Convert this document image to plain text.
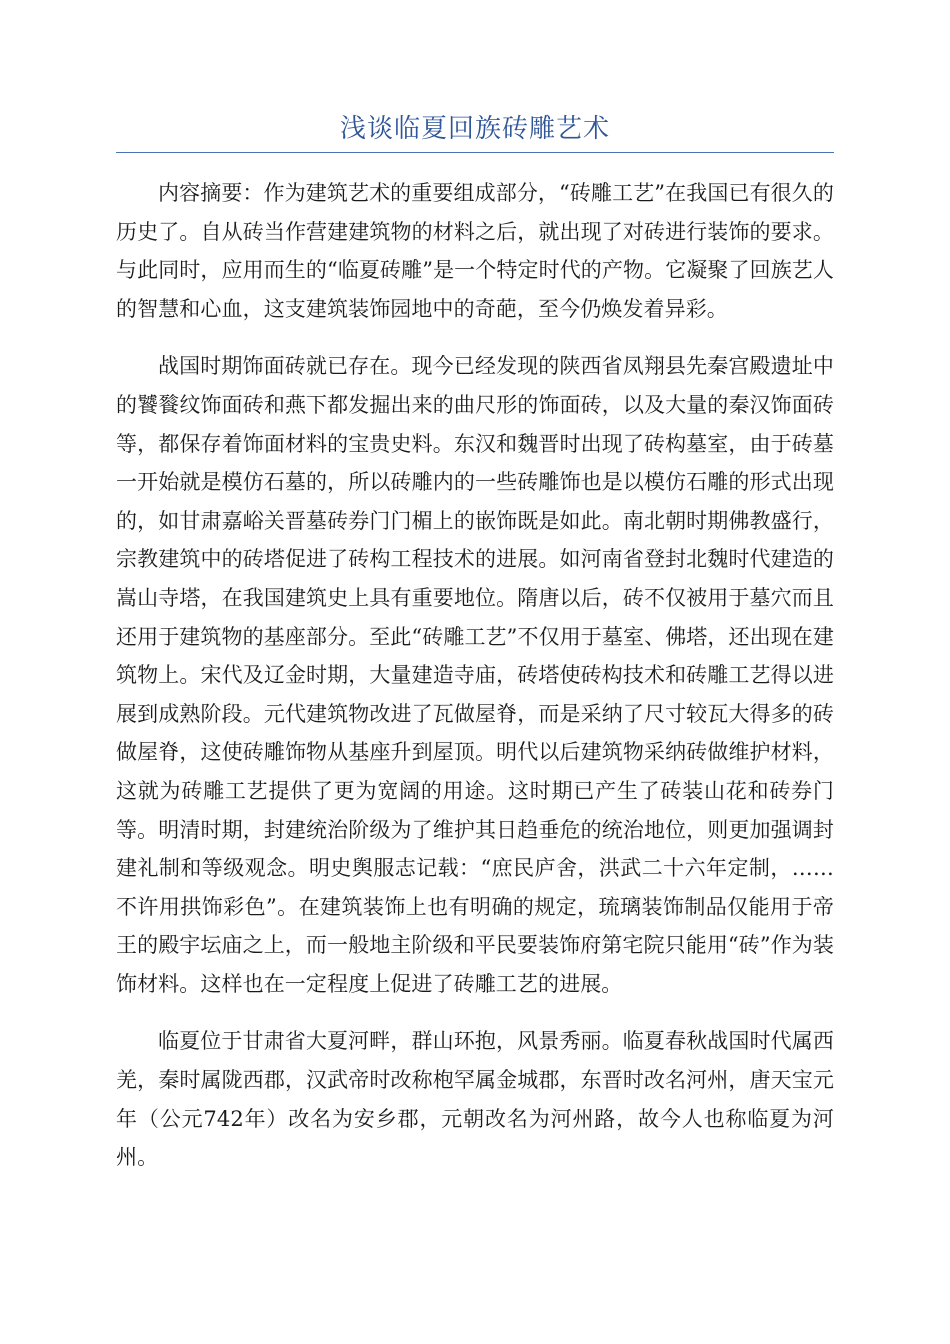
浅谈临夏回族砖雕艺术

内容摘要：作为建筑艺术的重要组成部分，“砖雕工艺”在我国已有很久的历史了。自从砖当作营建建筑物的材料之后，就出现了对砖进行装饰的要求。与此同时，应用而生的“临夏砖雕”是一个特定时代的产物。它凝聚了回族艺人的智慧和心血，这支建筑装饰园地中的奇葩，至今仍焕发着异彩。

战国时期饰面砖就已存在。现今已经发现的陕西省凤翔县先秦宫殿遗址中的饕餮纹饰面砖和燕下都发掘出来的曲尺形的饰面砖，以及大量的秦汉饰面砖等，都保存着饰面材料的宝贵史料。东汉和魏晋时出现了砖构墓室，由于砖墓一开始就是模仿石墓的，所以砖雕内的一些砖雕饰也是以模仿石雕的形式出现的，如甘肃嘉峪关晋墓砖券门门楣上的嵌饰既是如此。南北朝时期佛教盛行，宗教建筑中的砖塔促进了砖构工程技术的进展。如河南省登封北魏时代建造的嵩山寺塔，在我国建筑史上具有重要地位。隋唐以后，砖不仅被用于墓穴而且还用于建筑物的基座部分。至此“砖雕工艺”不仅用于墓室、佛塔，还出现在建筑物上。宋代及辽金时期，大量建造寺庙，砖塔使砖构技术和砖雕工艺得以进展到成熟阶段。元代建筑物改进了瓦做屋脊，而是采纳了尺寸较瓦大得多的砖做屋脊，这使砖雕饰物从基座升到屋顶。明代以后建筑物采纳砖做维护材料，这就为砖雕工艺提供了更为宽阔的用途。这时期已产生了砖装山花和砖券门等。明清时期，封建统治阶级为了维护其日趋垂危的统治地位，则更加强调封建礼制和等级观念。明史舆服志记载：“庶民庐舍，洪武二十六年定制，……不许用拱饰彩色”。在建筑装饰上也有明确的规定，琉璃装饰制品仅能用于帝王的殿宇坛庙之上，而一般地主阶级和平民要装饰府第宅院只能用“砖”作为装饰材料。这样也在一定程度上促进了砖雕工艺的进展。

临夏位于甘肃省大夏河畔，群山环抱，风景秀丽。临夏春秋战国时代属西羌，秦时属陇西郡，汉武帝时改称枹罕属金城郡，东晋时改名河州，唐天宝元年（公元742年）改名为安乡郡，元朝改名为河州路，故今人也称临夏为河州。
